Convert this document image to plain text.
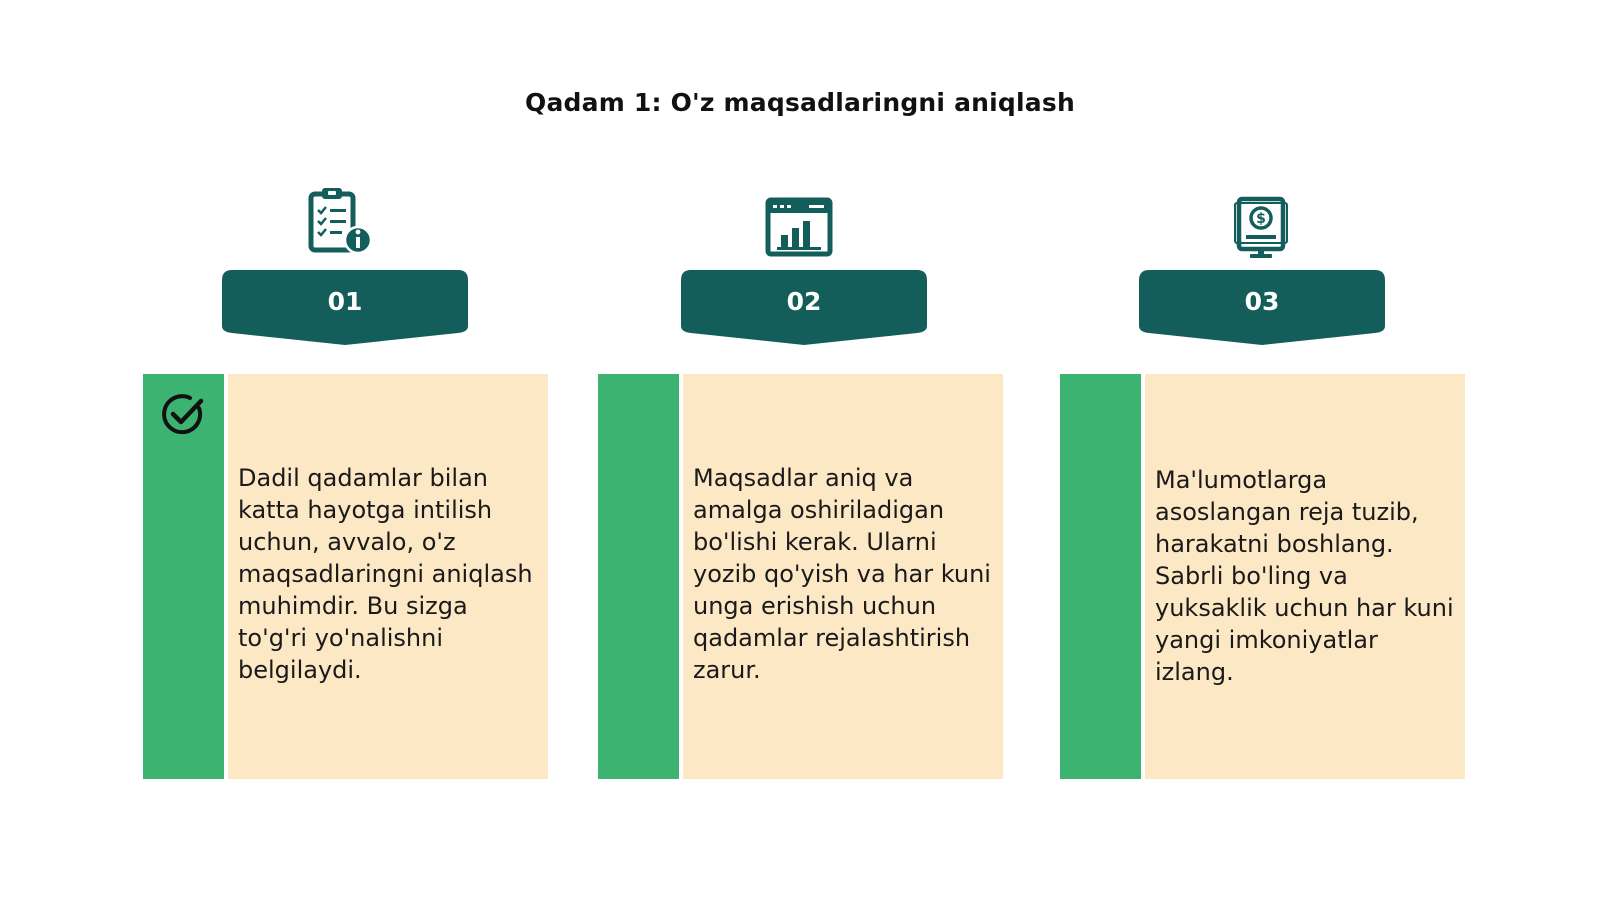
Qadam 1: O'z maqsadlaringni aniqlash
01
Dadil qadamlar bilan katta hayotga intilish uchun, avvalo, o'z maqsadlaringni aniqlash muhimdir. Bu sizga to'g'ri yo'nalishni belgilaydi.
02
Maqsadlar aniq va amalga oshiriladigan bo'lishi kerak. Ularni yozib qo'yish va har kuni unga erishish uchun qadamlar rejalashtirish zarur.
$
03
Ma'lumotlarga asoslangan reja tuzib, harakatni boshlang. Sabrli bo'ling va yuksaklik uchun har kuni yangi imkoniyatlar izlang.
